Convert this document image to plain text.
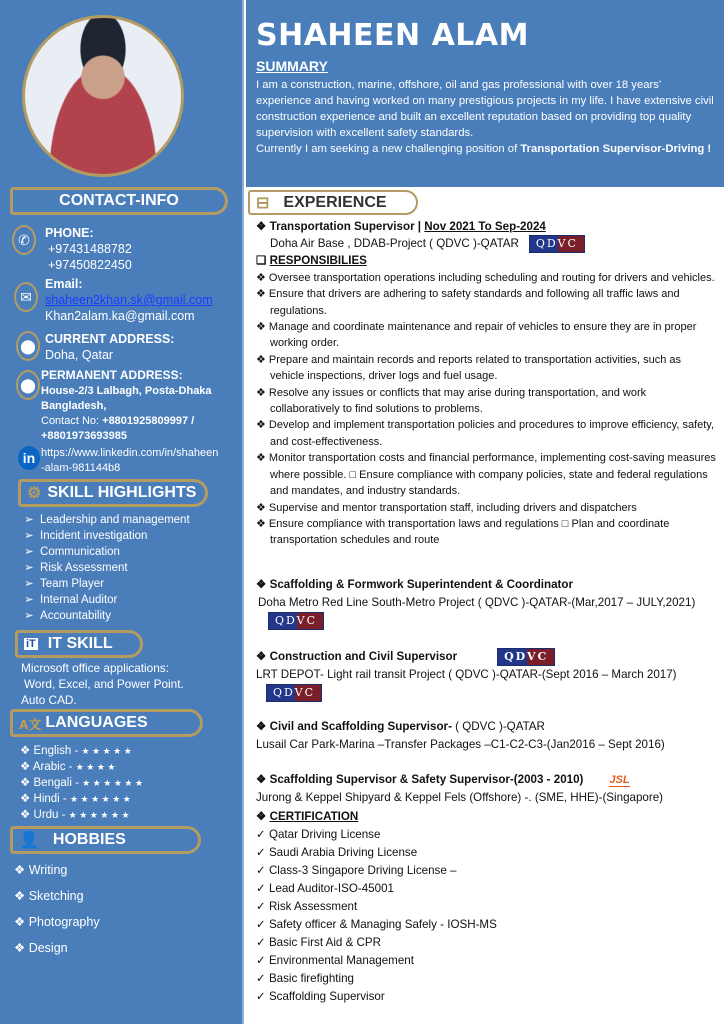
CONTACT-INFO
✆	PHONE:
+97431488782
+97450822450
✉
Email:
shaheen2khan.sk@gmail.com
Khan2alam.ka@gmail.com
⬤ CURRENT ADDRESS:
Doha, Qatar
⬤
PERMANENT ADDRESS:
House-2/3 Lalbagh, Posta-Dhaka Bangladesh,
Contact No: +8801925809997 / +8801973693985
in https://www.linkedin.com/in/shaheen-alam-981144b8
⚙ SKILL HIGHLIGHTS
➢  Leadership and management
➢  Incident investigation
➢  Communication
➢  Risk Assessment
➢  Team Player
➢  Internal Auditor
➢  Accountability
iT IT SKILL
Microsoft office applications:
Word, Excel, and Power Point.
Auto CAD.
A文 LANGUAGES
❖ English - ★ ★ ★ ★ ★
❖ Arabic - ★ ★ ★ ★
❖ Bengali - ★ ★ ★ ★ ★ ★
❖ Hindi - ★ ★ ★ ★ ★ ★
❖ Urdu - ★ ★ ★ ★ ★ ★
👤 HOBBIES
❖ Writing
❖ Sketching
❖ Photography
❖ Design
SHAHEEN ALAM
SUMMARY
I am a construction, marine, offshore, oil and gas professional with over 18 years' experience and having worked on many prestigious projects in my life. I have extensive civil construction experience and built an excellent reputation based on providing top quality supervision with excellent safety standards.
Currently I am seeking a new challenging position of Transportation Supervisor-Driving !
⊟ EXPERIENCE
❖ Transportation Supervisor | Nov 2021 To Sep-2024
Doha Air Base , DDAB-Project ( QDVC )-QATAR QDVC
❑ RESPONSIBILIES
❖ Oversee transportation operations including scheduling and routing for drivers and vehicles.
❖ Ensure that drivers are adhering to safety standards and following all traffic laws and regulations.
❖ Manage and coordinate maintenance and repair of vehicles to ensure they are in proper working order.
❖ Prepare and maintain records and reports related to transportation activities, such as vehicle inspections, driver logs and fuel usage.
❖ Resolve any issues or conflicts that may arise during transportation, and work collaboratively to find solutions to problems.
❖ Develop and implement transportation policies and procedures to improve efficiency, safety, and cost-effectiveness.
❖ Monitor transportation costs and financial performance, implementing cost-saving measures where possible. □ Ensure compliance with company policies, state and federal regulations and mandates, and industry standards.
❖ Supervise and mentor transportation staff, including drivers and dispatchers
❖ Ensure compliance with transportation laws and regulations □ Plan and coordinate transportation schedules and route
❖ Scaffolding & Formwork Superintendent & Coordinator
Doha Metro Red Line South-Metro Project ( QDVC )-QATAR-(Mar,2017 – JULY,2021)QDVC
❖ Construction and Civil Supervisor	QDVC
LRT DEPOT- Light rail transit Project ( QDVC )-QATAR-(Sept 2016 – March 2017)QDVC
❖ Civil and Scaffolding Supervisor- ( QDVC )-QATAR
Lusail Car Park-Marina –Transfer Packages –C1-C2-C3-(Jan2016 – Sept 2016)
❖ Scaffolding Supervisor & Safety Supervisor-(2003 - 2010) JSL
Jurong & Keppel Shipyard & Keppel Fels (Offshore) -. (SME, HHE)-(Singapore)
❖ CERTIFICATION
✓ Qatar Driving License
✓ Saudi Arabia Driving License
✓ Class-3 Singapore Driving License –
✓ Lead Auditor-ISO-45001
✓ Risk Assessment
✓ Safety officer & Managing Safely - IOSH-MS
✓ Basic First Aid & CPR
✓ Environmental Management
✓ Basic firefighting
✓ Scaffolding Supervisor
